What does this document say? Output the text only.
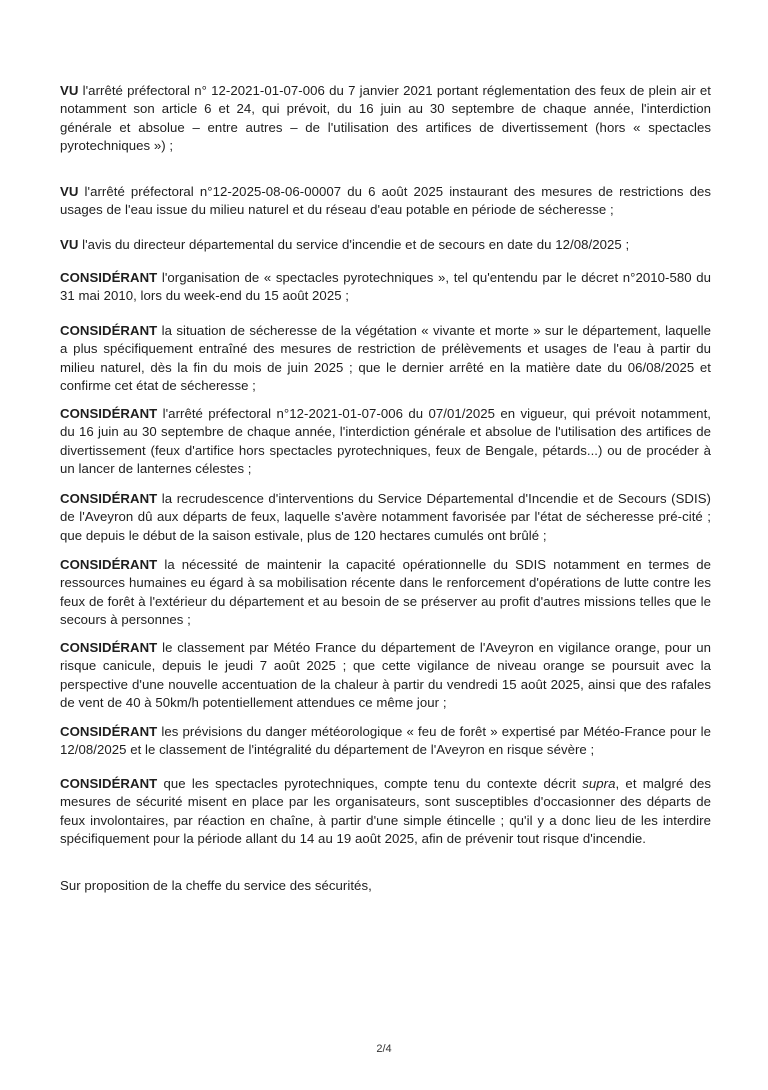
VU l'arrêté préfectoral n° 12-2021-01-07-006 du 7 janvier 2021 portant réglementation des feux de plein air et notamment son article 6 et 24, qui prévoit, du 16 juin au 30 septembre de chaque année, l'interdiction générale et absolue – entre autres – de l'utilisation des artifices de divertissement (hors « spectacles pyrotechniques ») ;

VU l'arrêté préfectoral n°12-2025-08-06-00007 du 6 août 2025 instaurant des mesures de restrictions des usages de l'eau issue du milieu naturel et du réseau d'eau potable en période de sécheresse ;

VU l'avis du directeur départemental du service d'incendie et de secours en date du 12/08/2025 ;

CONSIDÉRANT l'organisation de « spectacles pyrotechniques », tel qu'entendu par le décret n°2010-580 du 31 mai 2010, lors du week-end du 15 août 2025 ;

CONSIDÉRANT la situation de sécheresse de la végétation « vivante et morte » sur le département, laquelle a plus spécifiquement entraîné des mesures de restriction de prélèvements et usages de l'eau à partir du milieu naturel, dès la fin du mois de juin 2025 ; que le dernier arrêté en la matière date du 06/08/2025 et confirme cet état de sécheresse ;

CONSIDÉRANT l'arrêté préfectoral n°12-2021-01-07-006 du 07/01/2025 en vigueur, qui prévoit notamment, du 16 juin au 30 septembre de chaque année, l'interdiction générale et absolue de l'utilisation des artifices de divertissement (feux d'artifice hors spectacles pyrotechniques, feux de Bengale, pétards...) ou de procéder à un lancer de lanternes célestes ;

CONSIDÉRANT la recrudescence d'interventions du Service Départemental d'Incendie et de Secours (SDIS) de l'Aveyron dû aux départs de feux, laquelle s'avère notamment favorisée par l'état de sécheresse pré-cité ; que depuis le début de la saison estivale, plus de 120 hectares cumulés ont brûlé ;

CONSIDÉRANT la nécessité de maintenir la capacité opérationnelle du SDIS notamment en termes de ressources humaines eu égard à sa mobilisation récente dans le renforcement d'opérations de lutte contre les feux de forêt à l'extérieur du département et au besoin de se préserver au profit d'autres missions telles que le secours à personnes ;

CONSIDÉRANT le classement par Météo France du département de l'Aveyron en vigilance orange, pour un risque canicule, depuis le jeudi 7 août 2025 ; que cette vigilance de niveau orange se poursuit avec la perspective d'une nouvelle accentuation de la chaleur à partir du vendredi 15 août 2025, ainsi que des rafales de vent de 40 à 50km/h potentiellement attendues ce même jour ;

CONSIDÉRANT les prévisions du danger météorologique « feu de forêt » expertisé par Météo-France pour le 12/08/2025 et le classement de l'intégralité du département de l'Aveyron en risque sévère ;

CONSIDÉRANT que les spectacles pyrotechniques, compte tenu du contexte décrit supra, et malgré des mesures de sécurité misent en place par les organisateurs, sont susceptibles d'occasionner des départs de feux involontaires, par réaction en chaîne, à partir d'une simple étincelle ; qu'il y a donc lieu de les interdire spécifiquement pour la période allant du 14 au 19 août 2025, afin de prévenir tout risque d'incendie.

Sur proposition de la cheffe du service des sécurités,

2/4
